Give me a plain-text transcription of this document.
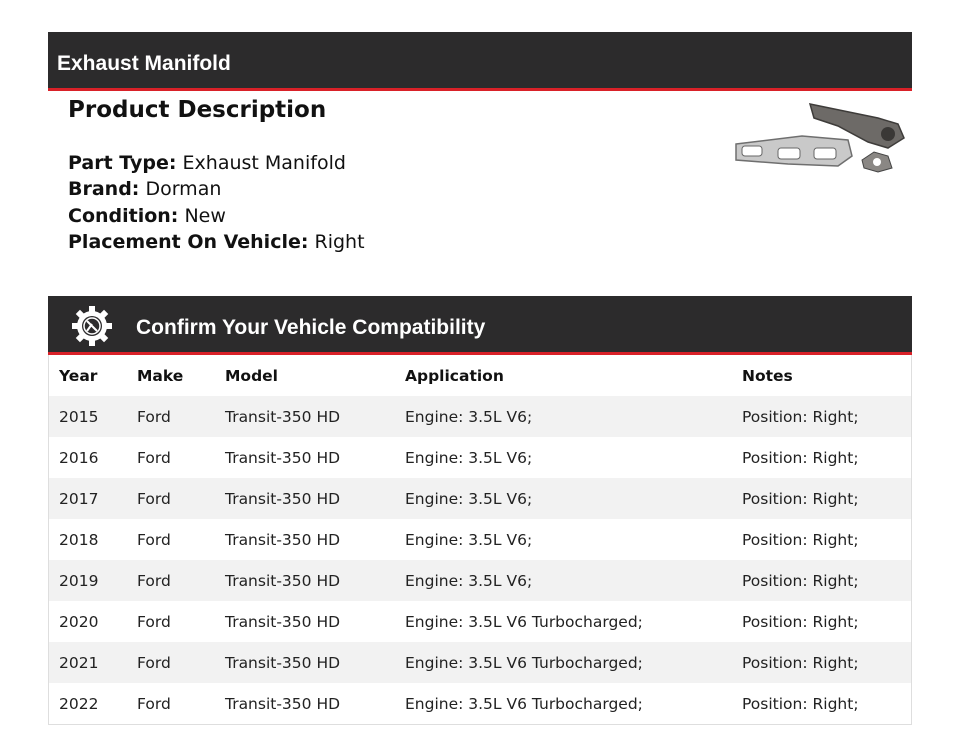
Exhaust Manifold
Product Description
Part Type: Exhaust Manifold
Brand: Dorman
Condition: New
Placement On Vehicle: Right
Confirm Your Vehicle Compatibility
Year	Make	Model	Application	Notes
2015	Ford	Transit-350 HD	Engine: 3.5L V6;	Position: Right;
2016	Ford	Transit-350 HD	Engine: 3.5L V6;	Position: Right;
2017	Ford	Transit-350 HD	Engine: 3.5L V6;	Position: Right;
2018	Ford	Transit-350 HD	Engine: 3.5L V6;	Position: Right;
2019	Ford	Transit-350 HD	Engine: 3.5L V6;	Position: Right;
2020	Ford	Transit-350 HD	Engine: 3.5L V6 Turbocharged;	Position: Right;
2021	Ford	Transit-350 HD	Engine: 3.5L V6 Turbocharged;	Position: Right;
2022	Ford	Transit-350 HD	Engine: 3.5L V6 Turbocharged;	Position: Right;
